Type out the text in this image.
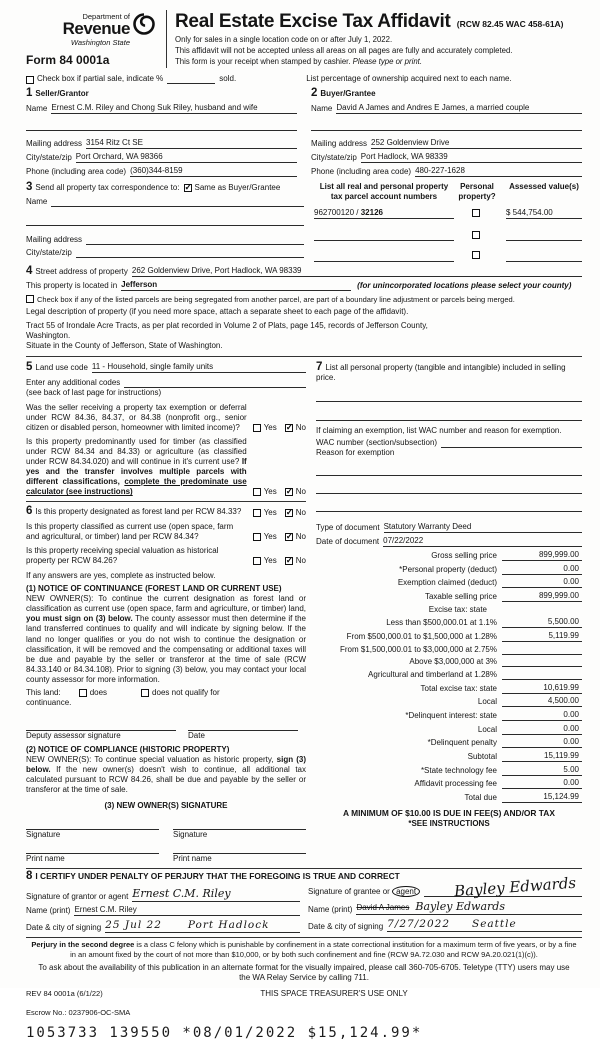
Department of
Revenue
Washington State
Form 84 0001a
Real Estate Excise Tax Affidavit (RCW 82.45 WAC 458-61A)
Only for sales in a single location code on or after July 1, 2022.
This affidavit will not be accepted unless all areas on all pages are fully and accurately completed.
This form is your receipt when stamped by cashier. Please type or print.
Check box if partial sale, indicate %	sold.	List percentage of ownership acquired next to each name.
1 Seller/Grantor
Name Ernest C.M. Riley and Chong Suk Riley, husband and wife
Mailing address 3154 Ritz Ct SE
City/state/zip Port Orchard, WA 98366
Phone (including area code) (360)344-8159
2 Buyer/Grantee
Name David A James and Andres E James, a married couple
Mailing address 252 Goldenview Drive
City/state/zip Port Hadlock, WA 98339
Phone (including area code) 480-227-1628
3 Send all property tax correspondence to: ✓ Same as Buyer/Grantee
Name
Mailing address
City/state/zip
List all real and personal property tax parcel account numbers
Personal property?
Assessed value(s)
962700120 / 32126	$ 544,754.00
4 Street address of property 262 Goldenview Drive, Port Hadlock, WA 98339
This property is located in Jefferson	(for unincorporated locations please select your county)
Check box if any of the listed parcels are being segregated from another parcel, are part of a boundary line adjustment or parcels being merged.
Legal description of property (if you need more space, attach a separate sheet to each page of the affidavit).
Tract 55 of Irondale Acre Tracts, as per plat recorded in Volume 2 of Plats, page 145, records of Jefferson County,
Washington.
Situate in the County of Jefferson, State of Washington.
5 Land use code 11 - Household, single family units
Enter any additional codes
(see back of last page for instructions)
Was the seller receiving a property tax exemption or deferral under RCW 84.36, 84.37, or 84.38 (nonprofit org., senior citizen or disabled person, homeowner with limited income)?	Yes ✓ No
Is this property predominantly used for timber (as classified under RCW 84.34 and 84.33) or agriculture (as classified under RCW 84.34.020) and will continue in it's current use? If yes and the transfer involves multiple parcels with different classifications, complete the predominate use calculator (see instructions)	Yes ✓ No
6 Is this property designated as forest land per RCW 84.33?	Yes ✓ No
Is this property classified as current use (open space, farm and agricultural, or timber) land per RCW 84.34?	Yes ✓ No
Is this property receiving special valuation as historical property per RCW 84.26?	Yes ✓ No
If any answers are yes, complete as instructed below.
(1) NOTICE OF CONTINUANCE (FOREST LAND OR CURRENT USE)
NEW OWNER(S): To continue the current designation as forest land or classification as current use (open space, farm and agriculture, or timber) land, you must sign on (3) below. The county assessor must then determine if the land transferred continues to qualify and will indicate by signing below. If the land no longer qualifies or you do not wish to continue the designation or classification, it will be removed and the compensating or additional taxes will be due and payable by the seller or transferor at the time of sale (RCW 84.33.140 or 84.34.108). Prior to signing (3) below, you may contact your local county assessor for more information.
This land:	does	does not qualify for
continuance.
Deputy assessor signature	Date
(2) NOTICE OF COMPLIANCE (HISTORIC PROPERTY)
NEW OWNER(S): To continue special valuation as historic property, sign (3) below. If the new owner(s) doesn't wish to continue, all additional tax calculated pursuant to RCW 84.26, shall be due and payable by the seller or transferor at the time of sale.
(3) NEW OWNER(S) SIGNATURE
Signature
Print name
Signature
Print name
7 List all personal property (tangible and intangible) included in selling price.
If claiming an exemption, list WAC number and reason for exemption.
WAC number (section/subsection)
Reason for exemption
Type of document Statutory Warranty Deed
Date of document 07/22/2022
Gross selling price	899,999.00
*Personal property (deduct)	0.00
Exemption claimed (deduct)	0.00
Taxable selling price	899,999.00
Excise tax: state
Less than $500,000.01 at 1.1%	5,500.00
From $500,000.01 to $1,500,000 at 1.28%	5,119.99
From $1,500,000.01 to $3,000,000 at 2.75%
Above $3,000,000 at 3%
Agricultural and timberland at 1.28%
Total excise tax: state	10,619.99
Local	4,500.00
*Delinquent interest: state	0.00
Local	0.00
*Delinquent penalty	0.00
Subtotal	15,119.99
*State technology fee	5.00
Affidavit processing fee	0.00
Total due	15,124.99
A MINIMUM OF $10.00 IS DUE IN FEE(S) AND/OR TAX
*SEE INSTRUCTIONS
8 I CERTIFY UNDER PENALTY OF PERJURY THAT THE FOREGOING IS TRUE AND CORRECT
Signature of grantor or agent Ernest C.M. Riley
Name (print) Ernest C.M. Riley
Date & city of signing 25 Jul 22 Port Hadlock
Bayley Edwards
Signature of grantee or agent
Name (print) David A James Bayley Edwards
Date & city of signing 7/27/2022 Seattle
Perjury in the second degree is a class C felony which is punishable by confinement in a state correctional institution for a maximum term of five years, or by a fine in an amount fixed by the court of not more than $10,000, or by both such confinement and fine (RCW 9A.72.030 and RCW 9A.20.021(1)(c)).
To ask about the availability of this publication in an alternate format for the visually impaired, please call 360-705-6705. Teletype (TTY) users may use the WA Relay Service by calling 711.
REV 84 0001a (6/1/22)	THIS SPACE TREASURER'S USE ONLY
Escrow No.: 0237906-OC-SMA
1053733 139550 *08/01/2022 $15,124.99*
